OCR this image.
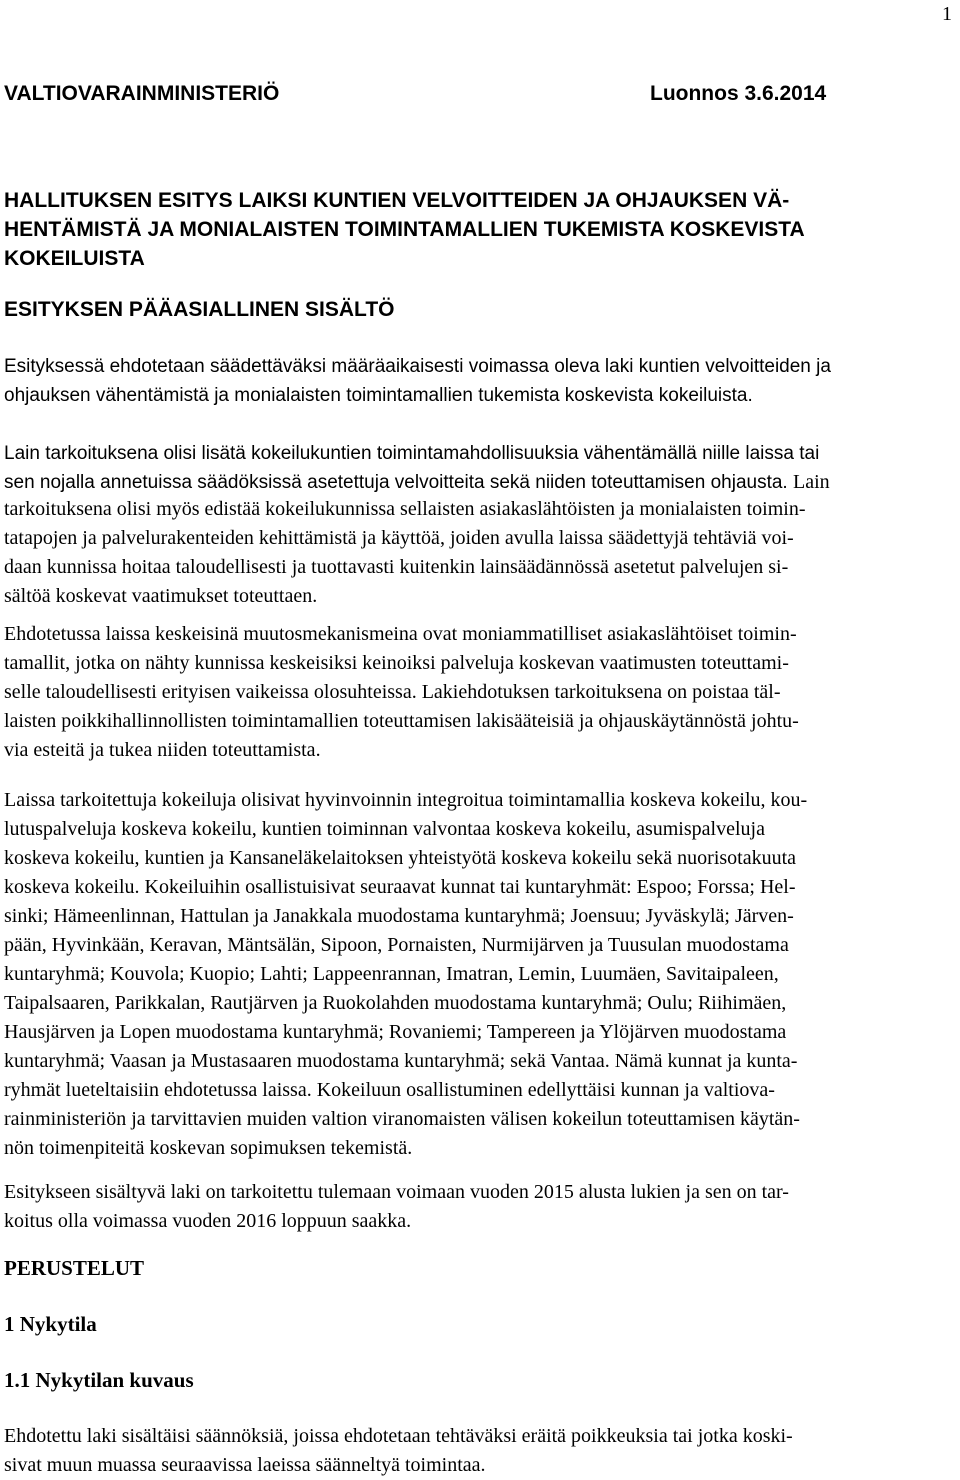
1
VALTIOVARAINMINISTERIÖ	Luonnos 3.6.2014
HALLITUKSEN ESITYS LAIKSI KUNTIEN VELVOITTEIDEN JA OHJAUKSEN VÄ-
HENTÄMISTÄ JA MONIALAISTEN TOIMINTAMALLIEN TUKEMISTA KOSKEVISTA
KOKEILUISTA
ESITYKSEN PÄÄASIALLINEN SISÄLTÖ

Esityksessä ehdotetaan säädettäväksi määräaikaisesti voimassa oleva laki kuntien velvoitteiden ja
ohjauksen vähentämistä ja monialaisten toimintamallien tukemista koskevista kokeiluista.

Lain tarkoituksena olisi lisätä kokeilukuntien toimintamahdollisuuksia vähentämällä niille laissa tai
sen nojalla annetuissa säädöksissä asetettuja velvoitteita sekä niiden toteuttamisen ohjausta. Lain

tarkoituksena olisi myös edistää kokeilukunnissa sellaisten asiakaslähtöisten ja monialaisten toimin-
tatapojen ja palvelurakenteiden kehittämistä ja käyttöä, joiden avulla laissa säädettyjä tehtäviä voi-
daan kunnissa hoitaa taloudellisesti ja tuottavasti kuitenkin lainsäädännössä asetetut palvelujen si-
sältöä koskevat vaatimukset toteuttaen.

Ehdotetussa laissa keskeisinä muutosmekanismeina ovat moniammatilliset asiakaslähtöiset toimin-
tamallit, jotka on nähty kunnissa keskeisiksi keinoiksi palveluja koskevan vaatimusten toteuttami-
selle taloudellisesti erityisen vaikeissa olosuhteissa. Lakiehdotuksen tarkoituksena on poistaa täl-
laisten poikkihallinnollisten toimintamallien toteuttamisen lakisääteisiä ja ohjauskäytännöstä johtu-
via esteitä ja tukea niiden toteuttamista.

Laissa tarkoitettuja kokeiluja olisivat hyvinvoinnin integroitua toimintamallia koskeva kokeilu, kou-
lutuspalveluja koskeva kokeilu, kuntien toiminnan valvontaa koskeva kokeilu, asumispalveluja
koskeva kokeilu, kuntien ja Kansaneläkelaitoksen yhteistyötä koskeva kokeilu sekä nuorisotakuuta
koskeva kokeilu. Kokeiluihin osallistuisivat seuraavat kunnat tai kuntaryhmät: Espoo; Forssa; Hel-
sinki; Hämeenlinnan, Hattulan ja Janakkala muodostama kuntaryhmä; Joensuu; Jyväskylä; Järven-
pään, Hyvinkään, Keravan, Mäntsälän, Sipoon, Pornaisten, Nurmijärven ja Tuusulan muodostama
kuntaryhmä; Kouvola; Kuopio; Lahti; Lappeenrannan, Imatran, Lemin, Luumäen, Savitaipaleen,
Taipalsaaren, Parikkalan, Rautjärven ja Ruokolahden muodostama kuntaryhmä; Oulu; Riihimäen,
Hausjärven ja Lopen muodostama kuntaryhmä; Rovaniemi; Tampereen ja Ylöjärven muodostama
kuntaryhmä; Vaasan ja Mustasaaren muodostama kuntaryhmä; sekä Vantaa. Nämä kunnat ja kunta-
ryhmät lueteltaisiin ehdotetussa laissa. Kokeiluun osallistuminen edellyttäisi kunnan ja valtiova-
rainministeriön ja tarvittavien muiden valtion viranomaisten välisen kokeilun toteuttamisen käytän-
nön toimenpiteitä koskevan sopimuksen tekemistä.

Esitykseen sisältyvä laki on tarkoitettu tulemaan voimaan vuoden 2015 alusta lukien ja sen on tar-
koitus olla voimassa vuoden 2016 loppuun saakka.

PERUSTELUT
1 Nykytila
1.1 Nykytilan kuvaus

Ehdotettu laki sisältäisi säännöksiä, joissa ehdotetaan tehtäväksi eräitä poikkeuksia tai jotka koski-
sivat muun muassa seuraavissa laeissa säänneltyä toimintaa.
